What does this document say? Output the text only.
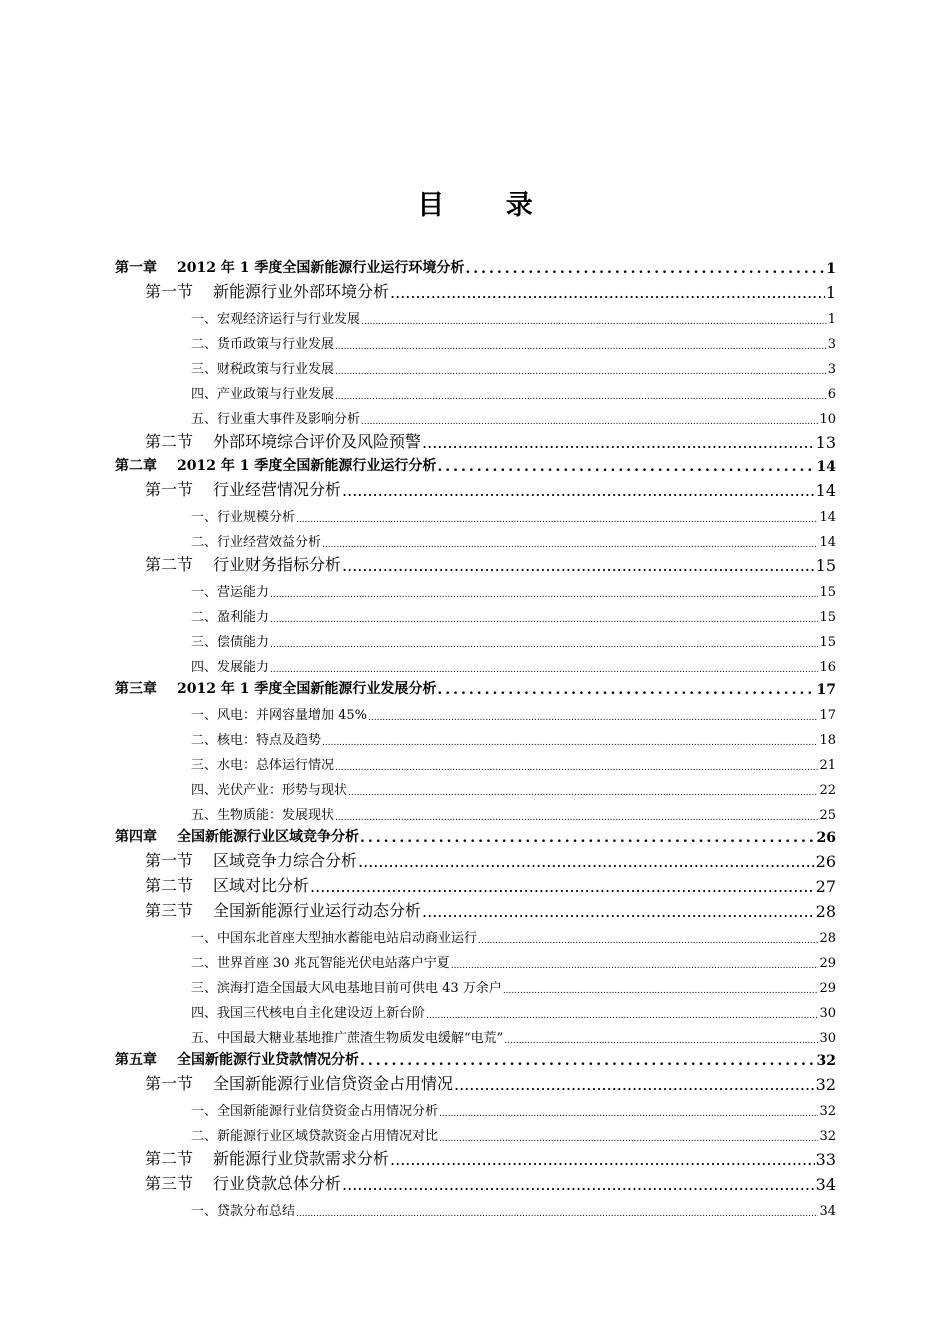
目 录
第一章 2012 年 1 季度全国新能源行业运行环境分析 .....	1
第一节 新能源行业外部环境分析 .....	1
一、宏观经济运行与行业发展 .....	1
二、货币政策与行业发展 .....	3
三、财税政策与行业发展 .....	3
四、产业政策与行业发展 .....	6
五、行业重大事件及影响分析 .....	10
第二节 外部环境综合评价及风险预警 .....	13
第二章 2012 年 1 季度全国新能源行业运行分析 .....	14
第一节 行业经营情况分析 .....	14
一、行业规模分析 .....	14
二、行业经营效益分析 .....	14
第二节 行业财务指标分析 .....	15
一、营运能力 .....	15
二、盈利能力 .....	15
三、偿债能力 .....	15
四、发展能力 .....	16
第三章 2012 年 1 季度全国新能源行业发展分析 .....	17
一、风电：并网容量增加 45% .....	17
二、核电：特点及趋势 .....	18
三、水电：总体运行情况 .....	21
四、光伏产业：形势与现状 .....	22
五、生物质能：发展现状 .....	25
第四章 全国新能源行业区域竞争分析 .....	26
第一节 区域竞争力综合分析 .....	26
第二节 区域对比分析 .....	27
第三节 全国新能源行业运行动态分析 .....	28
一、中国东北首座大型抽水蓄能电站启动商业运行 .....	28
二、世界首座 30 兆瓦智能光伏电站落户宁夏 .....	29
三、滨海打造全国最大风电基地目前可供电 43 万余户 .....	29
四、我国三代核电自主化建设迈上新台阶 .....	30
五、中国最大糖业基地推广蔗渣生物质发电缓解“电荒” .....	30
第五章 全国新能源行业贷款情况分析 .....	32
第一节 全国新能源行业信贷资金占用情况 .....	32
一、全国新能源行业信贷资金占用情况分析 .....	32
二、新能源行业区域贷款资金占用情况对比 .....	32
第二节 新能源行业贷款需求分析 .....	33
第三节 行业贷款总体分析 .....	34
一、贷款分布总结 .....	34
